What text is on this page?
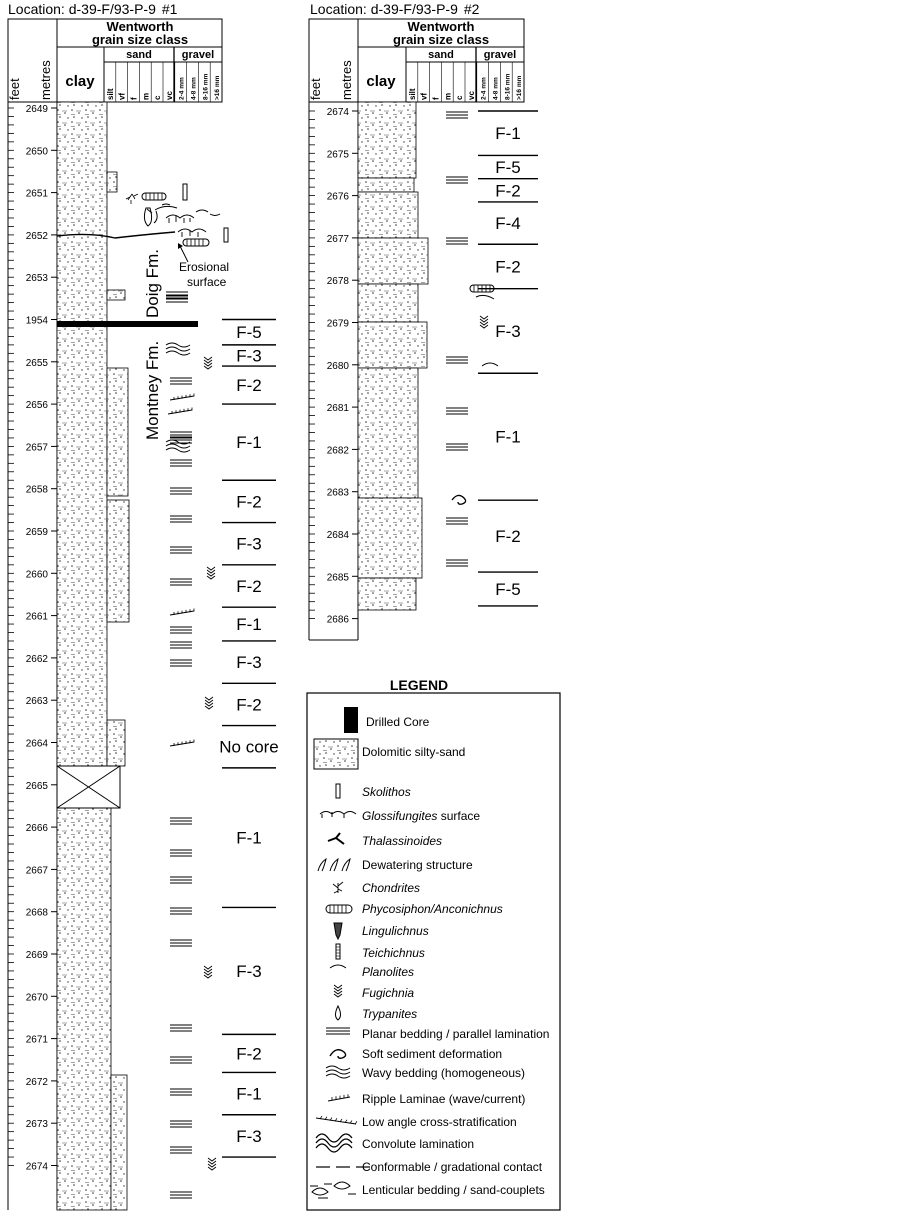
Location: d-39-F/93-P-9 #1
Wentworth
grain size class
feet metres clay
sand	gravel
silt vf f m c vc 2-4 mm 4-8 mm 8-16 mm >16 mm
2649
2650
2651
2652
2653
1954
2655
2656
2657
2658
2659
2660
2661
2662
2663
2664
2665
2666
2667
2668
2669
2670
2671
2672
2673
2674
Erosional
surface
Doig Fm.
Montney Fm.
F-5
F-3
F-2
F-1
F-2
F-3
F-2
F-1
F-3
F-2
No core
F-1
F-3
F-2
F-1
F-3
Location: d-39-F/93-P-9 #2
Wentworth
grain size class
feet metres clay
sand	gravel
silt vf f m c vc 2-4 mm 4-8 mm 8-16 mm >16 mm
2674
2675
2676
2677
2678
2679
2680
2681
2682
2683
2684
2685
2686
F-1
F-5
F-2
F-4
F-2
F-3
F-1
F-2
F-5
LEGEND
Drilled Core
Dolomitic silty-sand
Skolithos
Glossifungites surface
Thalassinoides
Dewatering structure
Chondrites
Phycosiphon/Anconichnus
Lingulichnus
Teichichnus
Planolites
Fugichnia
Trypanites
Planar bedding / parallel lamination
Soft sediment deformation
Wavy bedding (homogeneous)
Ripple Laminae (wave/current)
Low angle cross-stratification
Convolute lamination
Conformable / gradational contact
Lenticular bedding / sand-couplets
